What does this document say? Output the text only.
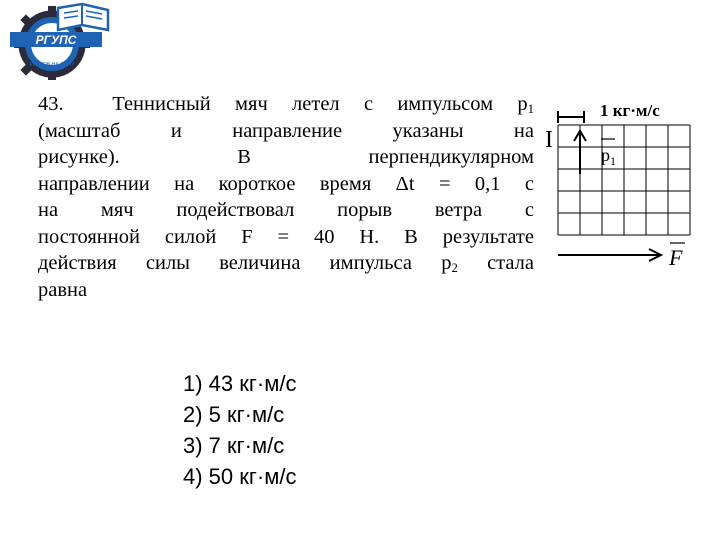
РГУПС
РОСТОВ-НА-ДОНУ
43. Теннисный мяч летел с импульсом $p_1$
(масштаб и направление указаны на
рисунке). В перпендикулярном
направлении на короткое время Δt = 0,1 с
на мяч подействовал порыв ветра с
постоянной силой F = 40 Н. В результате
действия силы величина импульса $p_2$ стала
равна
1 кг·м/с
I
$p_1$
F
1) 43 кг·м/с
2) 5 кг·м/с
3) 7 кг·м/с
4) 50 кг·м/с
